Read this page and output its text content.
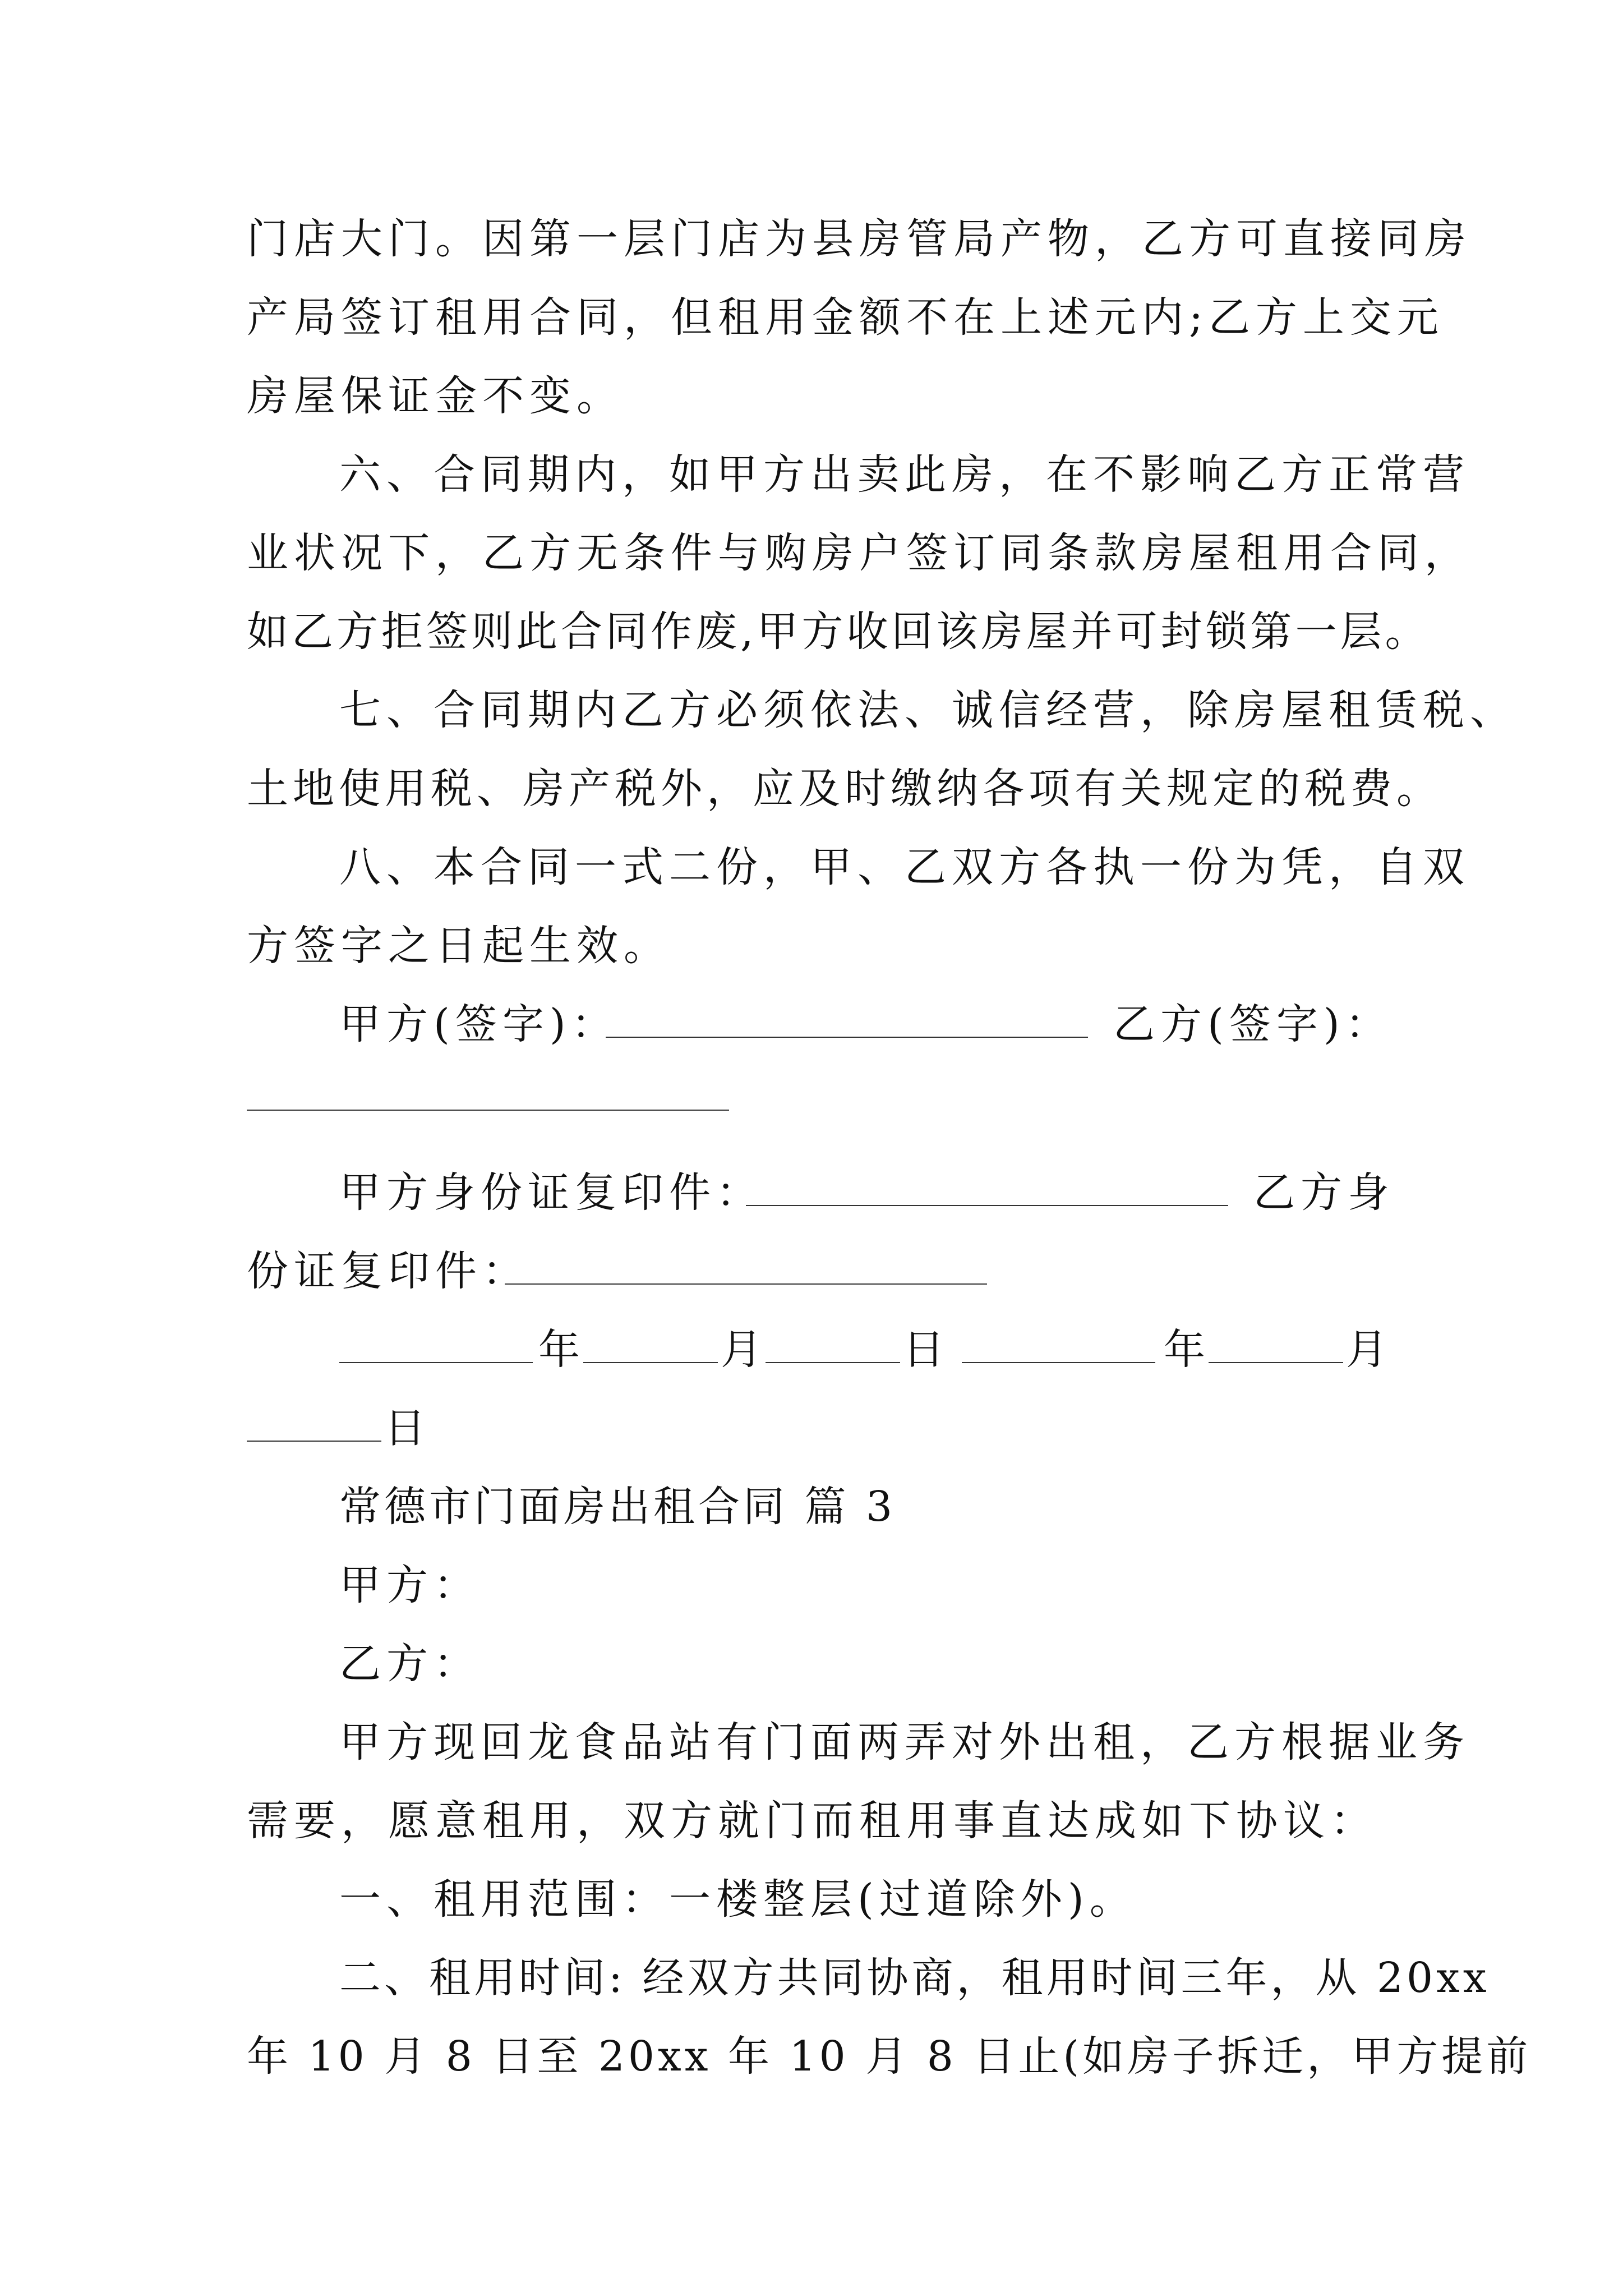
门店大门。因第一层门店为县房管局产物，乙方可直接同房
产局签订租用合同，但租用金额不在上述元内;乙方上交元
房屋保证金不变。
六、合同期内，如甲方出卖此房，在不影响乙方正常营
业状况下，乙方无条件与购房户签订同条款房屋租用合同，
如乙方拒签则此合同作废,甲方收回该房屋并可封锁第一层。
七、合同期内乙方必须依法、诚信经营，除房屋租赁税、
土地使用税、房产税外，应及时缴纳各项有关规定的税费。
八、本合同一式二份，甲、乙双方各执一份为凭，自双
方签字之日起生效。
甲方(签字)：	乙方(签字)：
甲方身份证复印件：	乙方身
份证复印件：
年	月	日	年	月
日
常德市门面房出租合同 篇 3
甲方：
乙方：
甲方现回龙食品站有门面两弄对外出租，乙方根据业务
需要，愿意租用，双方就门而租用事直达成如下协议：
一、租用范围：一楼整层(过道除外)。
二、租用时间: 经双方共同协商，租用时间三年，从 20xx
年 10 月 8 日至 20xx 年 10 月 8 日止(如房子拆迁，甲方提前
